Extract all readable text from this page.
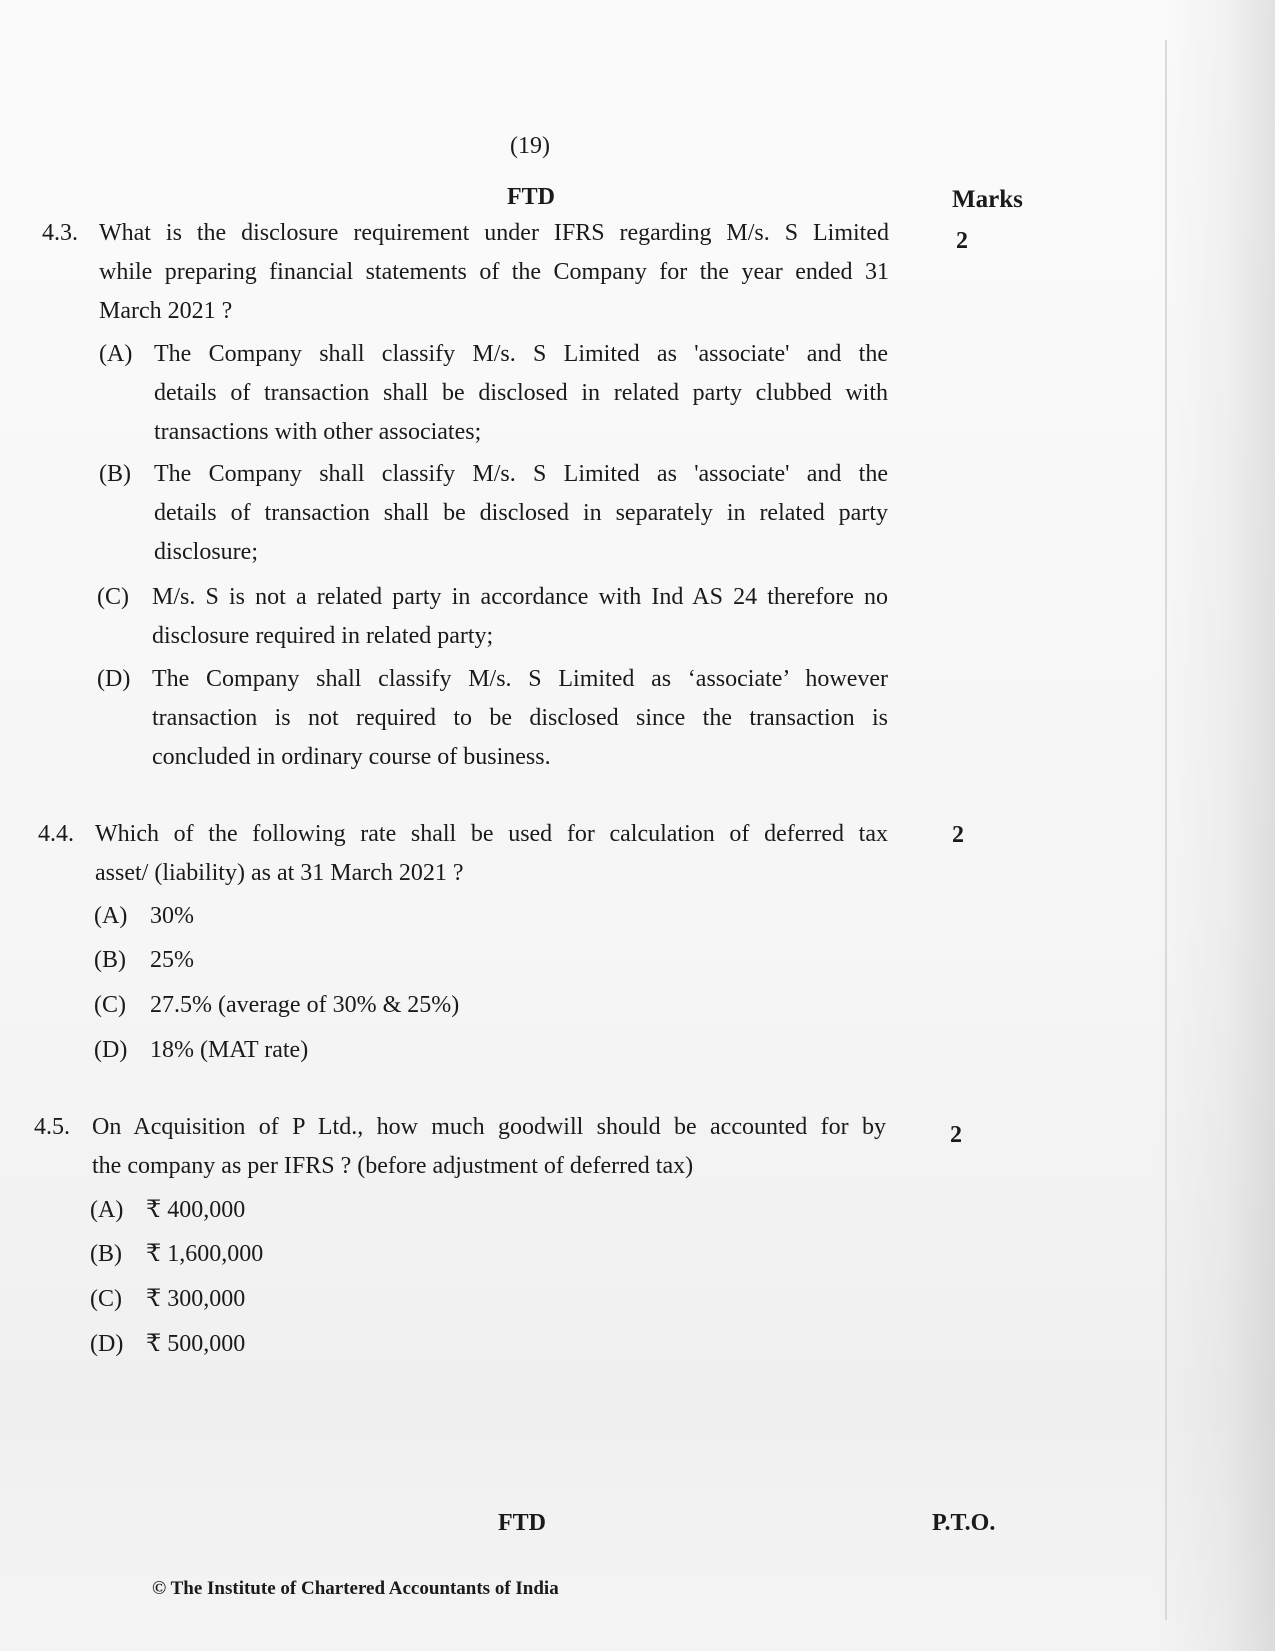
(19)
FTD	Marks
4.3. What is the disclosure requirement under IFRS regarding M/s. S Limited
while preparing financial statements of the Company for the year ended 31
March 2021 ?
2
(A) The Company shall classify M/s. S Limited as 'associate' and the
details of transaction shall be disclosed in related party clubbed with
transactions with other associates;
(B) The Company shall classify M/s. S Limited as 'associate' and the
details of transaction shall be disclosed in separately in related party
disclosure;
(C) M/s. S is not a related party in accordance with Ind AS 24 therefore no
disclosure required in related party;
(D) The Company shall classify M/s. S Limited as ‘associate’ however
transaction is not required to be disclosed since the transaction is
concluded in ordinary course of business.
4.4. Which of the following rate shall be used for calculation of deferred tax
asset/ (liability) as at 31 March 2021 ?
2
(A) 30%
(B) 25%
(C) 27.5% (average of 30% & 25%)
(D) 18% (MAT rate)
4.5. On Acquisition of P Ltd., how much goodwill should be accounted for by
the company as per IFRS ? (before adjustment of deferred tax)
2
(A) ₹ 400,000
(B) ₹ 1,600,000
(C) ₹ 300,000
(D) ₹ 500,000
FTD	P.T.O.
© The Institute of Chartered Accountants of India
